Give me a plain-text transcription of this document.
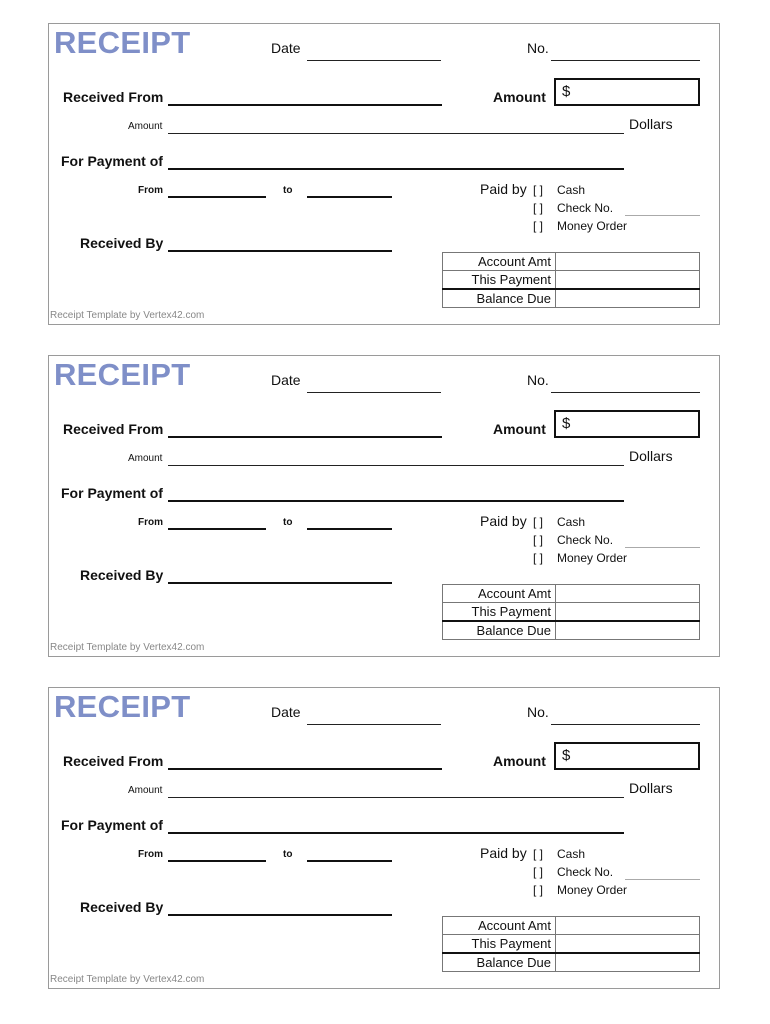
RECEIPT	Date	No.
Received From	Amount $
Amount	Dollars
For Payment of
From	to	Paid by [ ] Cash
[ ] Check No.
[ ] Money Order
Received By
Account Amt	
This Payment	
Balance Due	
Receipt Template by Vertex42.com
RECEIPT	Date	No.
Received From	Amount $
Amount	Dollars
For Payment of
From	to	Paid by [ ] Cash
[ ] Check No.
[ ] Money Order
Received By
Account Amt	
This Payment	
Balance Due	
Receipt Template by Vertex42.com
RECEIPT	Date	No.
Received From	Amount $
Amount	Dollars
For Payment of
From	to	Paid by [ ] Cash
[ ] Check No.
[ ] Money Order
Received By
Account Amt	
This Payment	
Balance Due	
Receipt Template by Vertex42.com
